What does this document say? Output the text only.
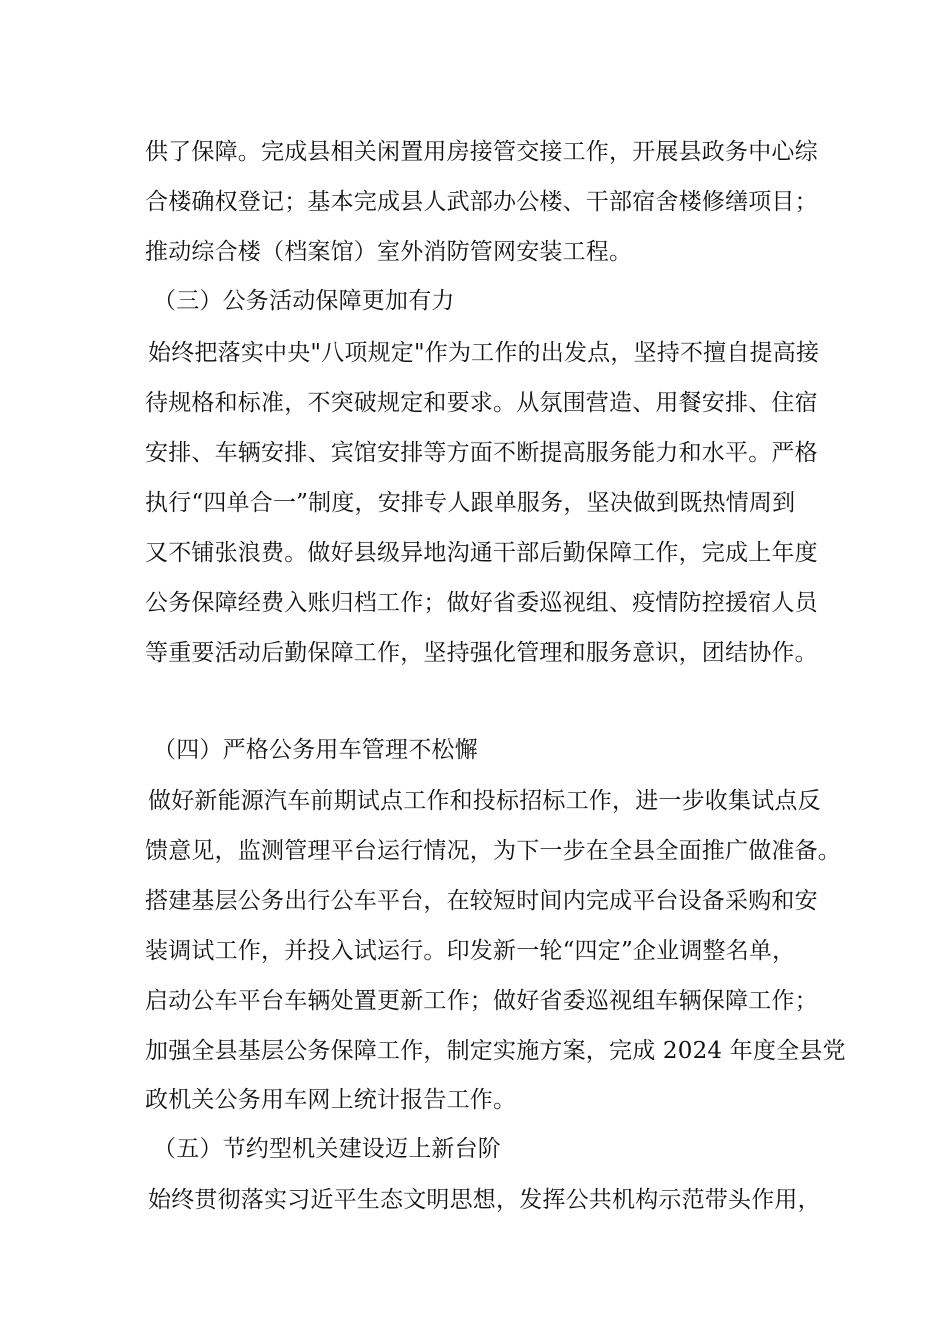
供了保障。完成县相关闲置用房接管交接工作，开展县政务中心综
合楼确权登记；基本完成县人武部办公楼、干部宿舍楼修缮项目；
推动综合楼（档案馆）室外消防管网安装工程。
（三）公务活动保障更加有力
始终把落实中央"八项规定"作为工作的出发点，坚持不擅自提高接
待规格和标准，不突破规定和要求。从氛围营造、用餐安排、住宿
安排、车辆安排、宾馆安排等方面不断提高服务能力和水平。严格
执行“四单合一”制度，安排专人跟单服务，坚决做到既热情周到
又不铺张浪费。做好县级异地沟通干部后勤保障工作，完成上年度
公务保障经费入账归档工作；做好省委巡视组、疫情防控援宿人员
等重要活动后勤保障工作，坚持强化管理和服务意识，团结协作。
（四）严格公务用车管理不松懈
做好新能源汽车前期试点工作和投标招标工作，进一步收集试点反
馈意见，监测管理平台运行情况，为下一步在全县全面推广做准备。
搭建基层公务出行公车平台，在较短时间内完成平台设备采购和安
装调试工作，并投入试运行。印发新一轮“四定”企业调整名单，
启动公车平台车辆处置更新工作；做好省委巡视组车辆保障工作；
加强全县基层公务保障工作，制定实施方案，完成 2024 年度全县党
政机关公务用车网上统计报告工作。
（五）节约型机关建设迈上新台阶
始终贯彻落实习近平生态文明思想，发挥公共机构示范带头作用，
